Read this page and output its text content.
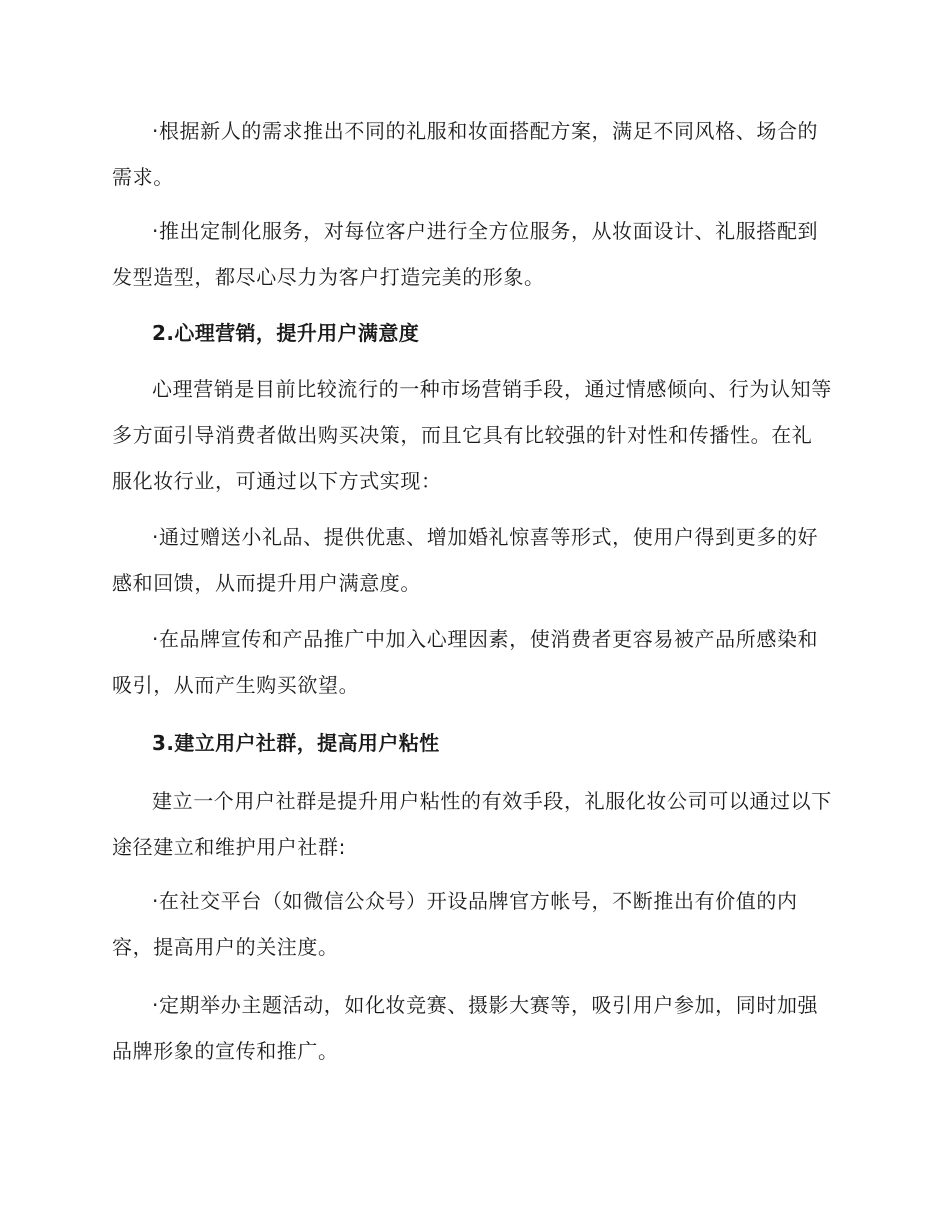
·根据新人的需求推出不同的礼服和妆面搭配方案，满足不同风格、场合的需求。

·推出定制化服务，对每位客户进行全方位服务，从妆面设计、礼服搭配到发型造型，都尽心尽力为客户打造完美的形象。

2.心理营销，提升用户满意度

心理营销是目前比较流行的一种市场营销手段，通过情感倾向、行为认知等多方面引导消费者做出购买决策，而且它具有比较强的针对性和传播性。在礼服化妆行业，可通过以下方式实现：

·通过赠送小礼品、提供优惠、增加婚礼惊喜等形式，使用户得到更多的好感和回馈，从而提升用户满意度。

·在品牌宣传和产品推广中加入心理因素，使消费者更容易被产品所感染和吸引，从而产生购买欲望。

3.建立用户社群，提高用户粘性

建立一个用户社群是提升用户粘性的有效手段，礼服化妆公司可以通过以下途径建立和维护用户社群:

·在社交平台（如微信公众号）开设品牌官方帐号，不断推出有价值的内容，提高用户的关注度。

·定期举办主题活动，如化妆竞赛、摄影大赛等，吸引用户参加，同时加强品牌形象的宣传和推广。
